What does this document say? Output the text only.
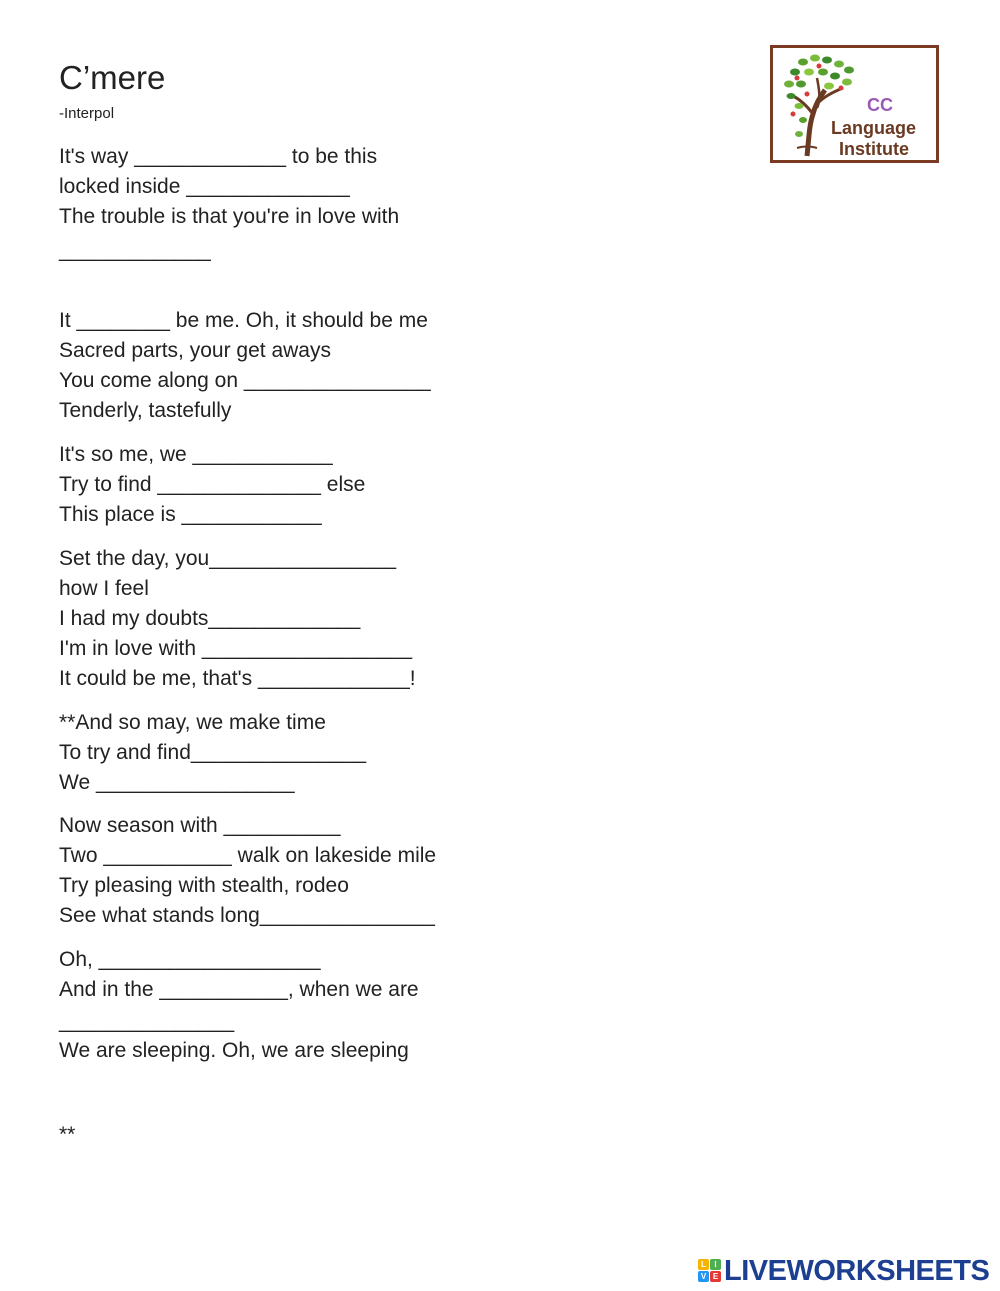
C’mere
-Interpol
It's way _____________ to be this
locked inside ______________
The trouble is that you're in love with
_____________
It ________ be me. Oh, it should be me
Sacred parts, your get aways
You come along on ________________
Tenderly, tastefully
It's so me, we ____________
Try to find ______________ else
This place is ____________
Set the day, you________________
how I feel
I had my doubts_____________
I'm in love with __________________
It could be me, that's _____________!
**And so may, we make time
To try and find_______________
We _________________
Now season with __________
Two ___________ walk on lakeside mile
Try pleasing with stealth, rodeo
See what stands long_______________
Oh, ___________________
And in the ___________, when we are
_______________
We are sleeping. Oh, we are sleeping
**
CC
Language
Institute
L	I
V E LIVEWORKSHEETS
